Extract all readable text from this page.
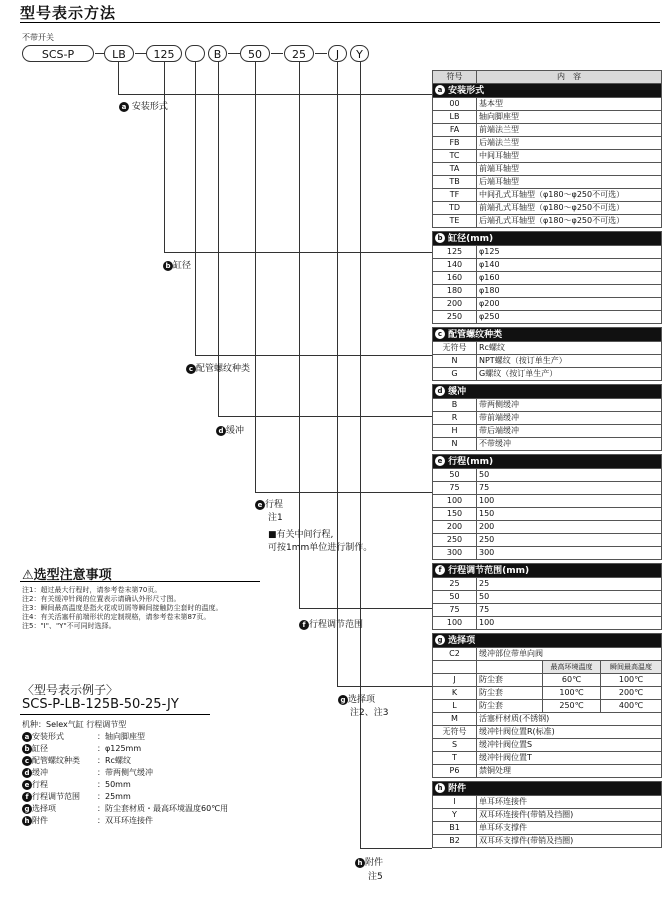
型号表示方法
不带开关
SCS-P	LB	125	B	50	25	J	Y
a 安装形式
b 缸径
c 配管螺纹种类
d 缓冲
e 行程
注1
■有关中间行程,
可按1mm单位进行制作。
f 行程调节范围
g 选择项
注2、注3
h 附件
注5
符号	内　容		
a 安装形式			
00	基本型		
LB	轴向脚座型		
FA	前端法兰型		
FB	后端法兰型		
TC	中间耳轴型		
TA	前端耳轴型		
TB	后端耳轴型		
TF	中间孔式耳轴型（φ180～φ250不可选）		
TD	前端孔式耳轴型（φ180～φ250不可选）		
TE	后端孔式耳轴型（φ180～φ250不可选）		

b 缸径(mm)			
125	φ125		
140	φ140		
160	φ160		
180	φ180		
200	φ200		
250	φ250		

c 配管螺纹种类			
无符号	Rc螺纹		
N	NPT螺纹（按订单生产）		
G	G螺纹（按订单生产）		

d 缓冲			
B	带两侧缓冲		
R	带前端缓冲		
H	带后端缓冲		
N	不带缓冲		

e 行程(mm)			
50	50		
75	75		
100	100		
150	150		
200	200		
250	250		
300	300		

f 行程调节范围(mm)			
25	25		
50	50		
75	75		
100	100		

g 选择项			
C2	缓冲部位带单向阀		
		最高环境温度	瞬间最高温度
J	防尘套	60℃	100℃
K	防尘套	100℃	200℃
L	防尘套	250℃	400℃
M	活塞杆材质(不锈钢)		
无符号	缓冲针阀位置R(标准)		
S	缓冲针阀位置S		
T	缓冲针阀位置T		
P6	禁铜处理		

h 附件			
I	单耳环连接件		
Y	双耳环连接件(带销及挡圈)		
B1	单耳环支撑件		
B2	双耳环支撑件(带销及挡圈)		
⚠选型注意事项
注1：超过最大行程时，请参考卷末第70页。
注2：有关缓冲针阀的位置表示请确认外形尺寸图。
注3：瞬间最高温度是指火花或切屑等瞬间接触防尘套时的温度。
注4：有关活塞杆前端形状的定制规格，请参考卷末第87页。
注5："I"、"Y"不可同时选择。
〈型号表示例子〉
SCS-P-LB-125B-50-25-JY
机种：Selex气缸 行程调节型
a 安装形式	：轴向脚座型
b 缸径	：φ125mm
c 配管螺纹种类 ：Rc螺纹
d 缓冲	：带两侧气缓冲
e 行程	：50mm
f 行程调节范围 ：25mm
g 选择项	：防尘套材质・最高环境温度60℃用
h 附件	：双耳环连接件
